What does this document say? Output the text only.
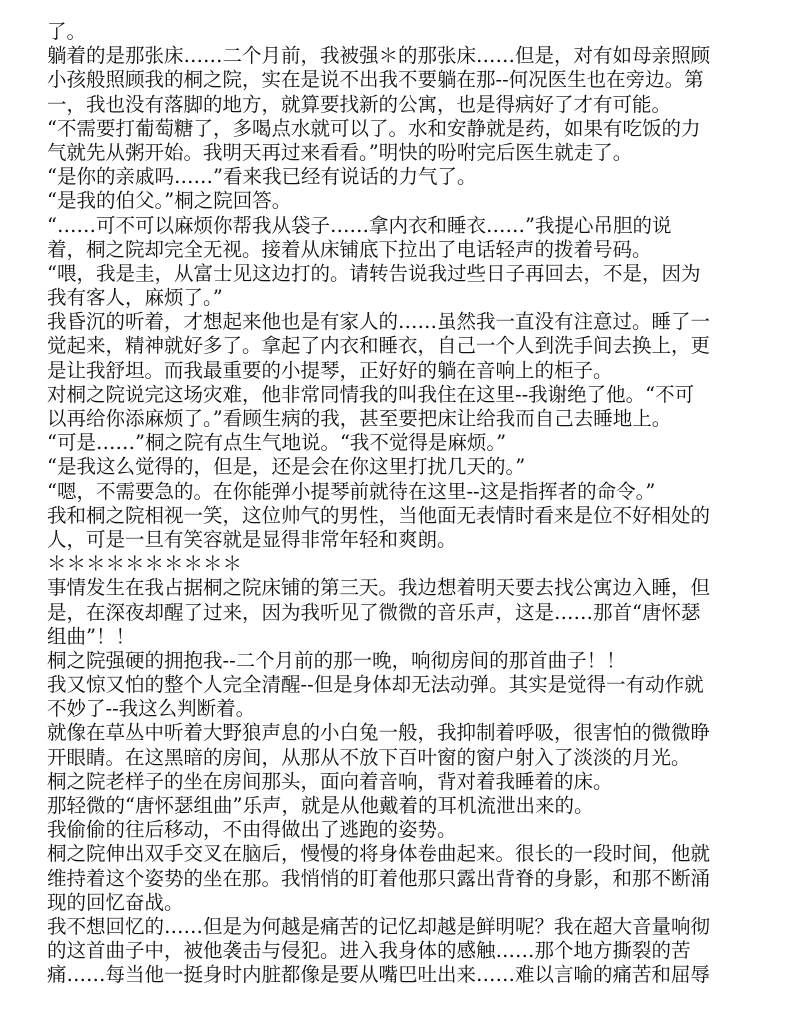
了。
躺着的是那张床……二个月前，我被强＊的那张床……但是，对有如母亲照顾
小孩般照顾我的桐之院，实在是说不出我不要躺在那--何况医生也在旁边。第
一，我也没有落脚的地方，就算要找新的公寓，也是得病好了才有可能。
“不需要打葡萄糖了，多喝点水就可以了。水和安静就是药，如果有吃饭的力
气就先从粥开始。我明天再过来看看。”明快的吩咐完后医生就走了。
“是你的亲戚吗……”看来我已经有说话的力气了。
“是我的伯父。”桐之院回答。
“……可不可以麻烦你帮我从袋子……拿内衣和睡衣……”我提心吊胆的说
着，桐之院却完全无视。接着从床铺底下拉出了电话轻声的拨着号码。
“喂，我是圭，从富士见这边打的。请转告说我过些日子再回去，不是，因为
我有客人，麻烦了。”
我昏沉的听着，才想起来他也是有家人的……虽然我一直没有注意过。睡了一
觉起来，精神就好多了。拿起了内衣和睡衣，自己一个人到洗手间去换上，更
是让我舒坦。而我最重要的小提琴，正好好的躺在音响上的柜子。
对桐之院说完这场灾难，他非常同情我的叫我住在这里--我谢绝了他。“不可
以再给你添麻烦了。”看顾生病的我，甚至要把床让给我而自己去睡地上。
“可是……”桐之院有点生气地说。“我不觉得是麻烦。”
“是我这么觉得的，但是，还是会在你这里打扰几天的。”
“嗯，不需要急的。在你能弹小提琴前就待在这里--这是指挥者的命令。”
我和桐之院相视一笑，这位帅气的男性，当他面无表情时看来是位不好相处的
人，可是一旦有笑容就是显得非常年轻和爽朗。
＊＊＊＊＊＊＊＊＊＊
事情发生在我占据桐之院床铺的第三天。我边想着明天要去找公寓边入睡，但
是，在深夜却醒了过来，因为我听见了微微的音乐声，这是……那首“唐怀瑟
组曲”！！
桐之院强硬的拥抱我--二个月前的那一晚，响彻房间的那首曲子！！
我又惊又怕的整个人完全清醒--但是身体却无法动弹。其实是觉得一有动作就
不妙了--我这么判断着。
就像在草丛中听着大野狼声息的小白兔一般，我抑制着呼吸，很害怕的微微睁
开眼睛。在这黑暗的房间，从那从不放下百叶窗的窗户射入了淡淡的月光。
桐之院老样子的坐在房间那头，面向着音响，背对着我睡着的床。
那轻微的“唐怀瑟组曲”乐声，就是从他戴着的耳机流泄出来的。
我偷偷的往后移动，不由得做出了逃跑的姿势。
桐之院伸出双手交叉在脑后，慢慢的将身体卷曲起来。很长的一段时间，他就
维持着这个姿势的坐在那。我悄悄的盯着他那只露出背脊的身影，和那不断涌
现的回忆奋战。
我不想回忆的……但是为何越是痛苦的记忆却越是鲜明呢？我在超大音量响彻
的这首曲子中，被他袭击与侵犯。进入我身体的感触……那个地方撕裂的苦
痛……每当他一挺身时内脏都像是要从嘴巴吐出来……难以言喻的痛苦和屈辱
